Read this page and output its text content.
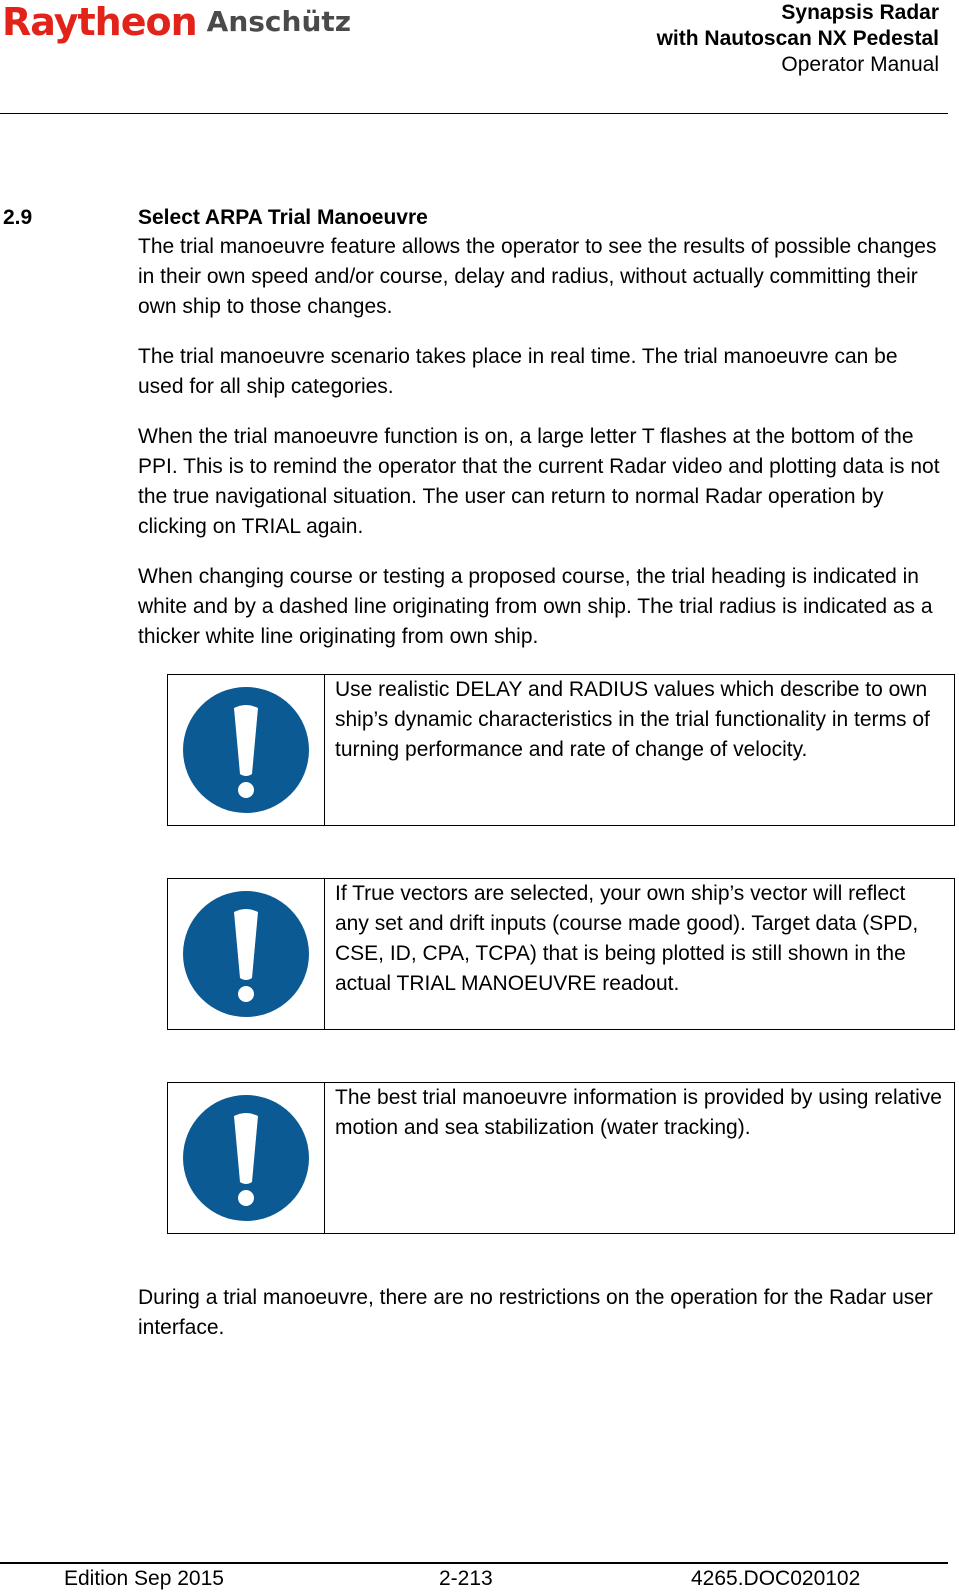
Raytheon Anschütz	Synapsis Radar
with Nautoscan NX Pedestal
Operator Manual
2.9	Select ARPA Trial Manoeuvre

The trial manoeuvre feature allows the operator to see the results of possible changes in their own speed and/or course, delay and radius, without actually committing their own ship to those changes.

The trial manoeuvre scenario takes place in real time. The trial manoeuvre can be used for all ship categories.

When the trial manoeuvre function is on, a large letter T flashes at the bottom of the PPI. This is to remind the operator that the current Radar video and plotting data is not the true navigational situation. The user can return to normal Radar operation by clicking on TRIAL again.

When changing course or testing a proposed course, the trial heading is indicated in white and by a dashed line originating from own ship. The trial radius is indicated as a thicker white line originating from own ship.

Use realistic DELAY and RADIUS values which describe to own ship’s dynamic characteristics in the trial functionality in terms of turning performance and rate of change of velocity.
If True vectors are selected, your own ship’s vector will reflect any set and drift inputs (course made good). Target data (SPD, CSE, ID, CPA, TCPA) that is being plotted is still shown in the actual TRIAL MANOEUVRE readout.
The best trial manoeuvre information is provided by using relative motion and sea stabilization (water tracking).

During a trial manoeuvre, there are no restrictions on the operation for the Radar user interface.

Edition Sep 2015	2-213	4265.DOC020102
